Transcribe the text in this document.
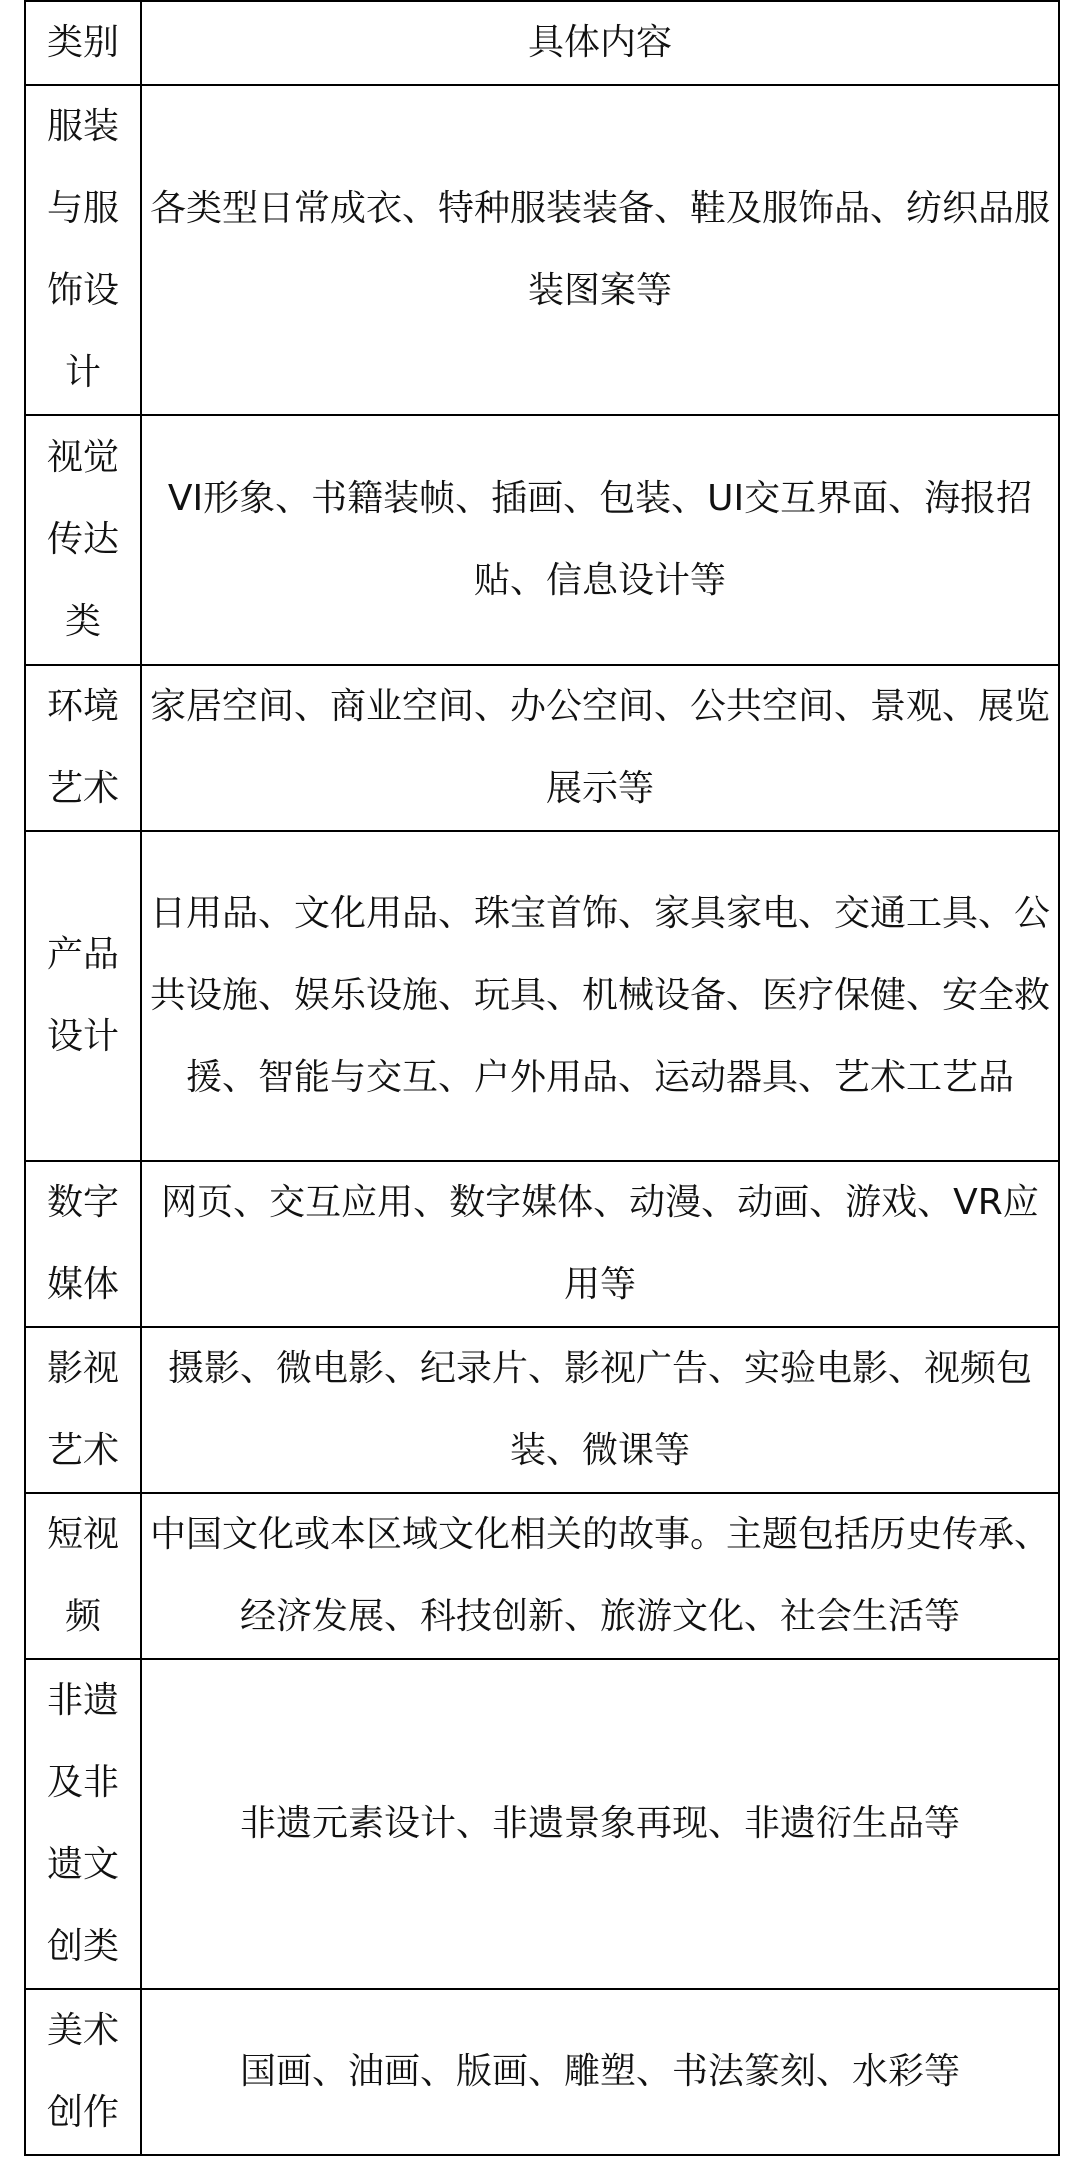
类别	具体内容
服装与服饰设计	各类型日常成衣、特种服装装备、鞋及服饰品、纺织品服装图案等
视觉传达类	VI形象、书籍装帧、插画、包装、UI交互界面、海报招贴、信息设计等
环境艺术	家居空间、商业空间、办公空间、公共空间、景观、展览展示等
产品设计	日用品、文化用品、珠宝首饰、家具家电、交通工具、公共设施、娱乐设施、玩具、机械设备、医疗保健、安全救援、智能与交互、户外用品、运动器具、艺术工艺品
数字媒体	网页、交互应用、数字媒体、动漫、动画、游戏、VR应用等
影视艺术	摄影、微电影、纪录片、影视广告、实验电影、视频包装、微课等
短视频	中国文化或本区域文化相关的故事。主题包括历史传承、经济发展、科技创新、旅游文化、社会生活等
非遗及非遗文创类	非遗元素设计、非遗景象再现、非遗衍生品等
美术创作	国画、油画、版画、雕塑、书法篆刻、水彩等
